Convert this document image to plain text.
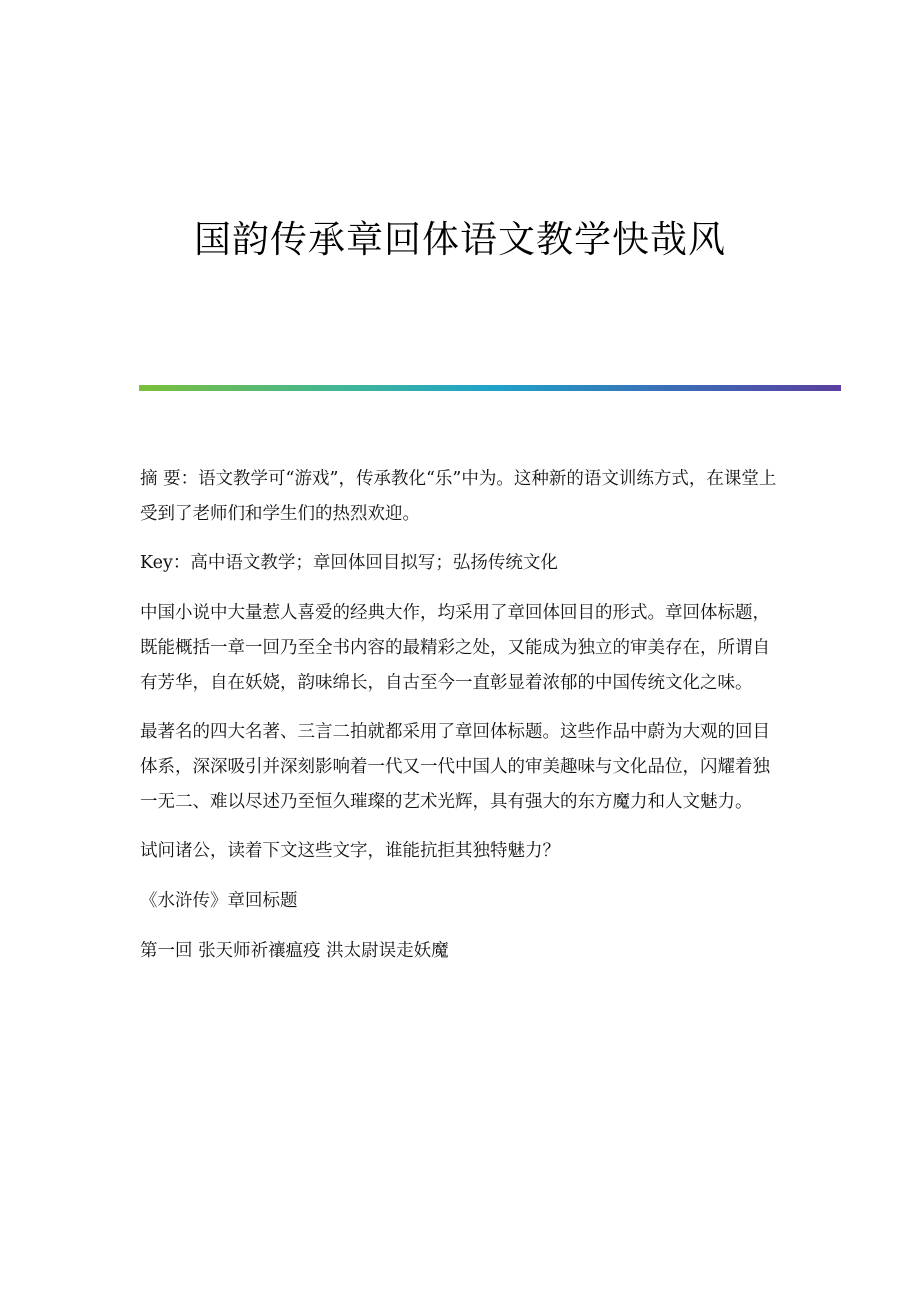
国韵传承章回体语文教学快哉风

摘 要：语文教学可“游戏”，传承教化“乐”中为。这种新的语文训练方式，在课堂上受到了老师们和学生们的热烈欢迎。

Key：高中语文教学；章回体回目拟写；弘扬传统文化

中国小说中大量惹人喜爱的经典大作，均采用了章回体回目的形式。章回体标题，既能概括一章一回乃至全书内容的最精彩之处，又能成为独立的审美存在，所谓自有芳华，自在妖娆，韵味绵长，自古至今一直彰显着浓郁的中国传统文化之味。

最著名的四大名著、三言二拍就都采用了章回体标题。这些作品中蔚为大观的回目体系，深深吸引并深刻影响着一代又一代中国人的审美趣味与文化品位，闪耀着独一无二、难以尽述乃至恒久璀璨的艺术光辉，具有强大的东方魔力和人文魅力。

试问诸公，读着下文这些文字，谁能抗拒其独特魅力？

《水浒传》章回标题

第一回 张天师祈禳瘟疫 洪太尉误走妖魔
